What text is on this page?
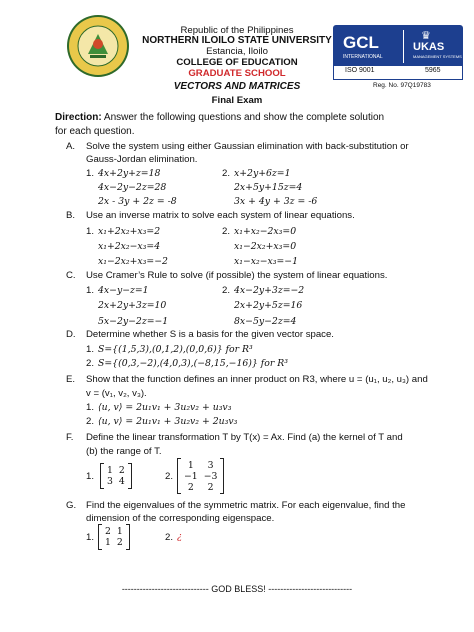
Republic of the Philippines
NORTHERN ILOILO STATE UNIVERSITY
Estancia, Iloilo
COLLEGE OF EDUCATION
GRADUATE SCHOOL
GCL
INTERNATIONAL
♛
UKAS
MANAGEMENT SYSTEMS
ISO 9001	5965
Reg. No. 97Q19783
VECTORS AND MATRICES
Final Exam
Direction: Answer the following questions and show the complete solution
for each question.
A. Solve the system using either Gaussian elimination with back-substitution or
Gauss-Jordan elimination.
1. 4x+2y+z=18
4x−2y−2z=28
2x - 3y + 2z = -8
2. x+2y+6z=1
2x+5y+15z=4
3x + 4y + 3z = -6
B. Use an inverse matrix to solve each system of linear equations.
1. x₁+2x₂+x₃=2
x₁+2x₂−x₃=4
x₁−2x₂+x₃=−2
2. x₁+x₂−2x₃=0
x₁−2x₂+x₃=0
x₁−x₂−x₃=−1
C. Use Cramer’s Rule to solve (if possible) the system of linear equations.
1. 4x−y−z=1
2x+2y+3z=10
5x−2y−2z=−1
2. 4x−2y+3z=−2
2x+2y+5z=16
8x−5y−2z=4
D. Determine whether S is a basis for the given vector space.
1. S={(1,5,3),(0,1,2),(0,0,6)} for R³
2. S={(0,3,−2),(4,0,3),(−8,15,−16)} for R³
E. Show that the function defines an inner product on R3, where u = (u₁, u₂, u₃) and
v = (v₁, v₂, v₃).
1. ⟨u, v⟩ = 2u₁v₁ + 3u₂v₂ + u₃v₃
2. ⟨u, v⟩ = 2u₁v₁ + 3u₂v₂ + 2u₃v₃
F. Define the linear transformation T by T(x) = Ax. Find (a) the kernel of T and
(b) the range of T.
1.
1	2
3	4	2.
1	3
−1	−3
2	2
G. Find the eigenvalues of the symmetric matrix. For each eigenvalue, find the
dimension of the corresponding eigenspace.
1.
2	1
1	2	2. ¿
----------------------------- GOD BLESS! ----------------------------
